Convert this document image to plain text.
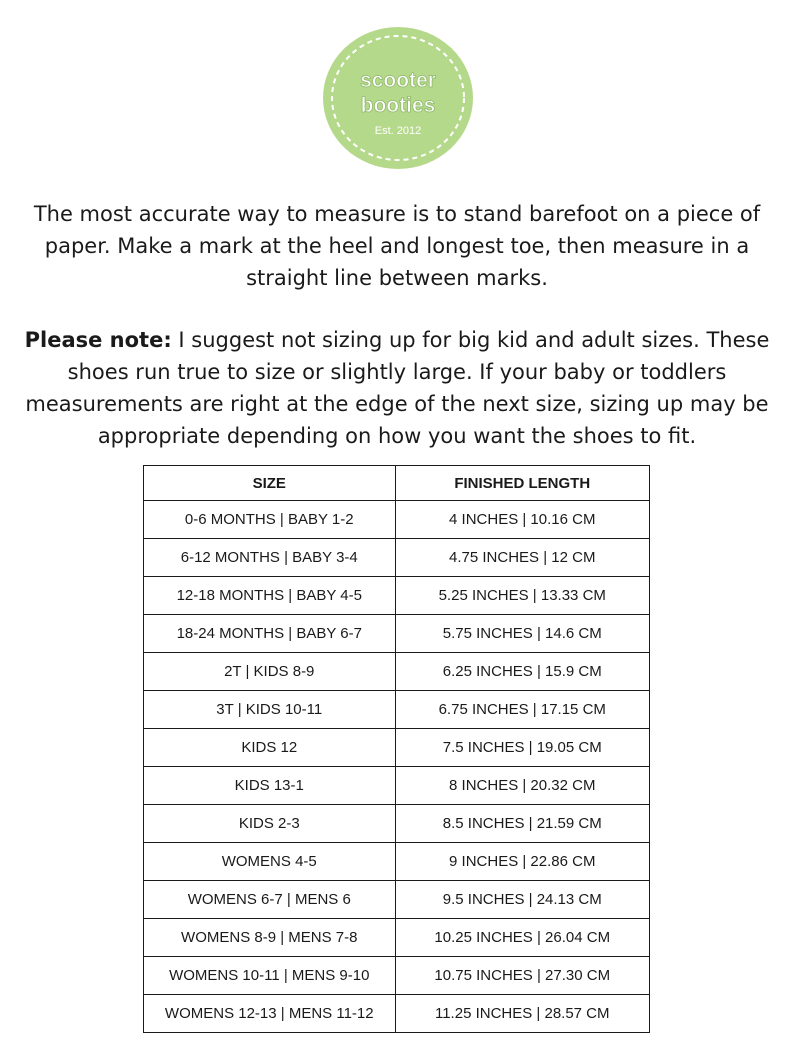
scooter
booties
Est. 2012

The most accurate way to measure is to stand barefoot on a piece of paper. Make a mark at the heel and longest toe, then measure in a straight line between marks.

Please note: I suggest not sizing up for big kid and adult sizes. These shoes run true to size or slightly large. If your baby or toddlers measurements are right at the edge of the next size, sizing up may be appropriate depending on how you want the shoes to fit.

SIZE	FINISHED LENGTH
0-6 MONTHS | BABY 1-2	4 INCHES | 10.16 CM
6-12 MONTHS | BABY 3-4	4.75 INCHES | 12 CM
12-18 MONTHS | BABY 4-5	5.25 INCHES | 13.33 CM
18-24 MONTHS | BABY 6-7	5.75 INCHES | 14.6 CM
2T | KIDS 8-9	6.25 INCHES | 15.9 CM
3T | KIDS 10-11	6.75 INCHES | 17.15 CM
KIDS 12	7.5 INCHES | 19.05 CM
KIDS 13-1	8 INCHES | 20.32 CM
KIDS 2-3	8.5 INCHES | 21.59 CM
WOMENS 4-5	9 INCHES | 22.86 CM
WOMENS 6-7 | MENS 6	9.5 INCHES | 24.13 CM
WOMENS 8-9 | MENS 7-8	10.25 INCHES | 26.04 CM
WOMENS 10-11 | MENS 9-10	10.75 INCHES | 27.30 CM
WOMENS 12-13 | MENS 11-12	11.25 INCHES | 28.57 CM
